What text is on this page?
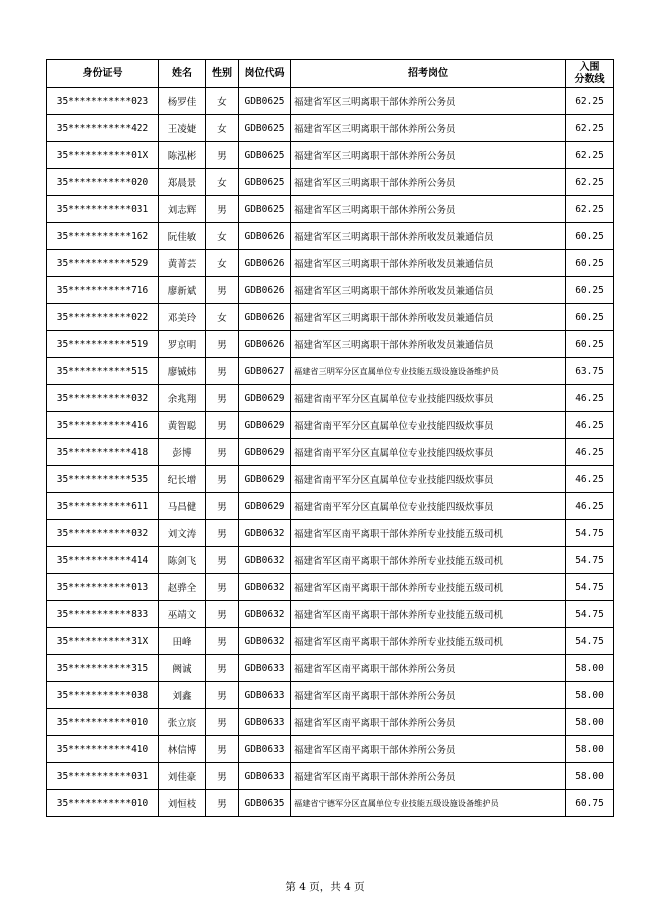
身份证号	姓名	性别	岗位代码	招考岗位	入围
分数线

35***********023	杨罗佳	女	GDB0625	福建省军区三明离职干部休养所公务员	62.25
35***********422	王凌婕	女	GDB0625	福建省军区三明离职干部休养所公务员	62.25
35***********01X	陈泓彬	男	GDB0625	福建省军区三明离职干部休养所公务员	62.25
35***********020	郑晨景	女	GDB0625	福建省军区三明离职干部休养所公务员	62.25
35***********031	刘志辉	男	GDB0625	福建省军区三明离职干部休养所公务员	62.25
35***********162	阮佳敏	女	GDB0626	福建省军区三明离职干部休养所收发员兼通信员	60.25
35***********529	黄菁芸	女	GDB0626	福建省军区三明离职干部休养所收发员兼通信员	60.25
35***********716	廖新斌	男	GDB0626	福建省军区三明离职干部休养所收发员兼通信员	60.25
35***********022	邓美玲	女	GDB0626	福建省军区三明离职干部休养所收发员兼通信员	60.25
35***********519	罗京明	男	GDB0626	福建省军区三明离职干部休养所收发员兼通信员	60.25
35***********515	廖铖炜	男	GDB0627	福建省三明军分区直属单位专业技能五级设施设备维护员	63.75
35***********032	余兆翔	男	GDB0629	福建省南平军分区直属单位专业技能四级炊事员	46.25
35***********416	黄智聪	男	GDB0629	福建省南平军分区直属单位专业技能四级炊事员	46.25
35***********418	彭博	男	GDB0629	福建省南平军分区直属单位专业技能四级炊事员	46.25
35***********535	纪长增	男	GDB0629	福建省南平军分区直属单位专业技能四级炊事员	46.25
35***********611	马昌健	男	GDB0629	福建省南平军分区直属单位专业技能四级炊事员	46.25
35***********032	刘文涛	男	GDB0632	福建省军区南平离职干部休养所专业技能五级司机	54.75
35***********414	陈剑飞	男	GDB0632	福建省军区南平离职干部休养所专业技能五级司机	54.75
35***********013	赵骅全	男	GDB0632	福建省军区南平离职干部休养所专业技能五级司机	54.75
35***********833	巫靖文	男	GDB0632	福建省军区南平离职干部休养所专业技能五级司机	54.75
35***********31X	田峰	男	GDB0632	福建省军区南平离职干部休养所专业技能五级司机	54.75
35***********315	阙诚	男	GDB0633	福建省军区南平离职干部休养所公务员	58.00
35***********038	刘鑫	男	GDB0633	福建省军区南平离职干部休养所公务员	58.00
35***********010	张立宸	男	GDB0633	福建省军区南平离职干部休养所公务员	58.00
35***********410	林信博	男	GDB0633	福建省军区南平离职干部休养所公务员	58.00
35***********031	刘佳豪	男	GDB0633	福建省军区南平离职干部休养所公务员	58.00
35***********010	刘恒枝	男	GDB0635	福建省宁德军分区直属单位专业技能五级设施设备维护员	60.75
第 4 页，共 4 页
